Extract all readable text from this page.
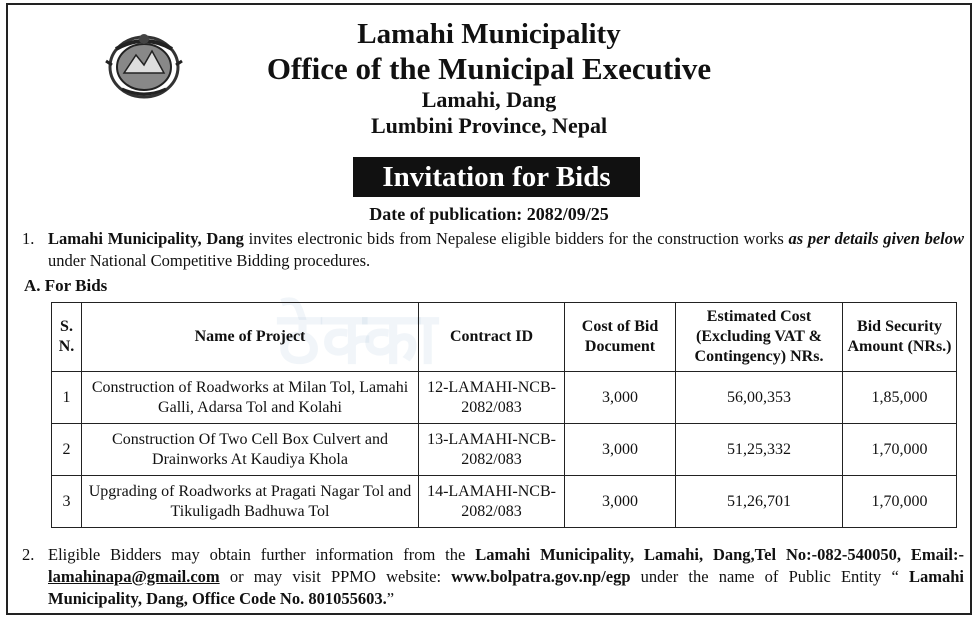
Lamahi Municipality
Office of the Municipal Executive
Lamahi, Dang
Lumbini Province, Nepal
Invitation for Bids
Date of publication: 2082/09/25
1. Lamahi Municipality, Dang invites electronic bids from Nepalese eligible bidders for the construction works as per details given below under National Competitive Bidding procedures.
A. For Bids
ठेक्का
S. N.	Name of Project	Contract ID	Cost of Bid Document	Estimated Cost (Excluding VAT & Contingency) NRs.	Bid Security Amount (NRs.)
1	Construction of Roadworks at Milan Tol, Lamahi Galli, Adarsa Tol and Kolahi	12-LAMAHI-NCB-2082/083	3,000	56,00,353	1,85,000
2	Construction Of Two Cell Box Culvert and Drainworks At Kaudiya Khola	13-LAMAHI-NCB-2082/083	3,000	51,25,332	1,70,000
3	Upgrading of Roadworks at Pragati Nagar Tol and Tikuligadh Badhuwa Tol	14-LAMAHI-NCB-2082/083	3,000	51,26,701	1,70,000
2. Eligible Bidders may obtain further information from the Lamahi Municipality, Lamahi, Dang,Tel No:-082-540050, Email:-lamahinapa@gmail.com or may visit PPMO website: www.bolpatra.gov.np/egp under the name of Public Entity “ Lamahi Municipality, Dang, Office Code No. 801055603.”
